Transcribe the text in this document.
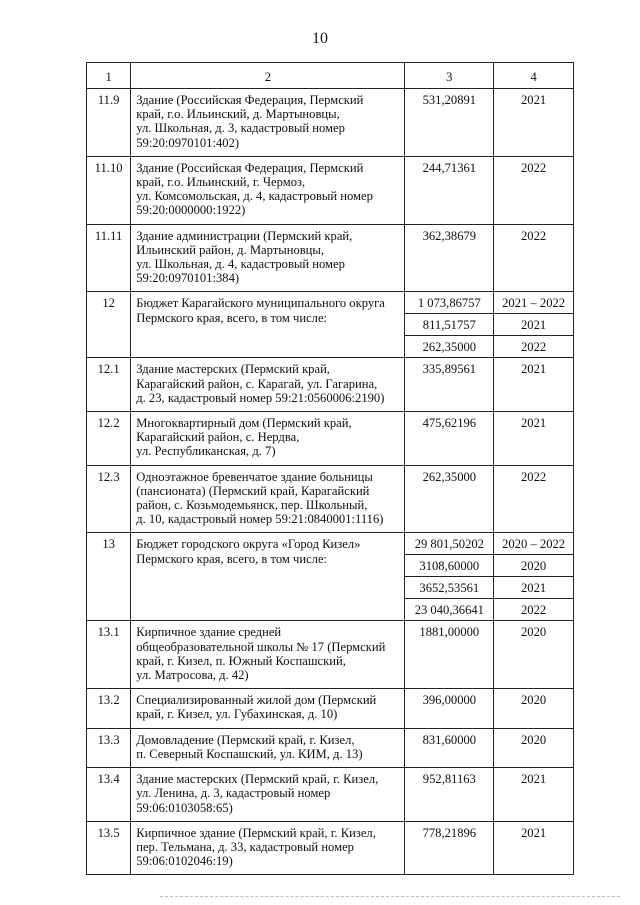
10
1	2	3	4
11.9	Здание (Российская Федерация, Пермский
край, г.о. Ильинский, д. Мартыновцы,
ул. Школьная, д. 3, кадастровый номер
59:20:0970101:402)	531,20891	2021
11.10	Здание (Российская Федерация, Пермский
край, г.о. Ильинский, г. Чермоз,
ул. Комсомольская, д. 4, кадастровый номер
59:20:0000000:1922)	244,71361	2022
11.11	Здание администрации (Пермский край,
Ильинский район, д. Мартыновцы,
ул. Школьная, д. 4, кадастровый номер
59:20:0970101:384)	362,38679	2022
12	Бюджет Карагайского муниципального округа
Пермского края, всего, в том числе:	1 073,86757	2021 – 2022
		811,51757	2021
		262,35000	2022
12.1	Здание мастерских (Пермский край,
Карагайский район, с. Карагай, ул. Гагарина,
д. 23, кадастровый номер 59:21:0560006:2190)	335,89561	2021
12.2	Многоквартирный дом (Пермский край,
Карагайский район, с. Нердва,
ул. Республиканская, д. 7)	475,62196	2021
12.3	Одноэтажное бревенчатое здание больницы
(пансионата) (Пермский край, Карагайский
район, с. Козьмодемьянск, пер. Школьный,
д. 10, кадастровый номер 59:21:0840001:1116)	262,35000	2022
13	Бюджет городского округа «Город Кизел»
Пермского края, всего, в том числе:	29 801,50202	2020 – 2022
		3108,60000	2020
		3652,53561	2021
		23 040,36641	2022
13.1	Кирпичное здание средней
общеобразовательной школы № 17 (Пермский
край, г. Кизел, п. Южный Коспашский,
ул. Матросова, д. 42)	1881,00000	2020
13.2	Специализированный жилой дом (Пермский
край, г. Кизел, ул. Губахинская, д. 10)	396,00000	2020
13.3	Домовладение (Пермский край, г. Кизел,
п. Северный Коспашский, ул. КИМ, д. 13)	831,60000	2020
13.4	Здание мастерских (Пермский край, г. Кизел,
ул. Ленина, д. 3, кадастровый номер
59:06:0103058:65)	952,81163	2021
13.5	Кирпичное здание (Пермский край, г. Кизел,
пер. Тельмана, д. 33, кадастровый номер
59:06:0102046:19)	778,21896	2021
